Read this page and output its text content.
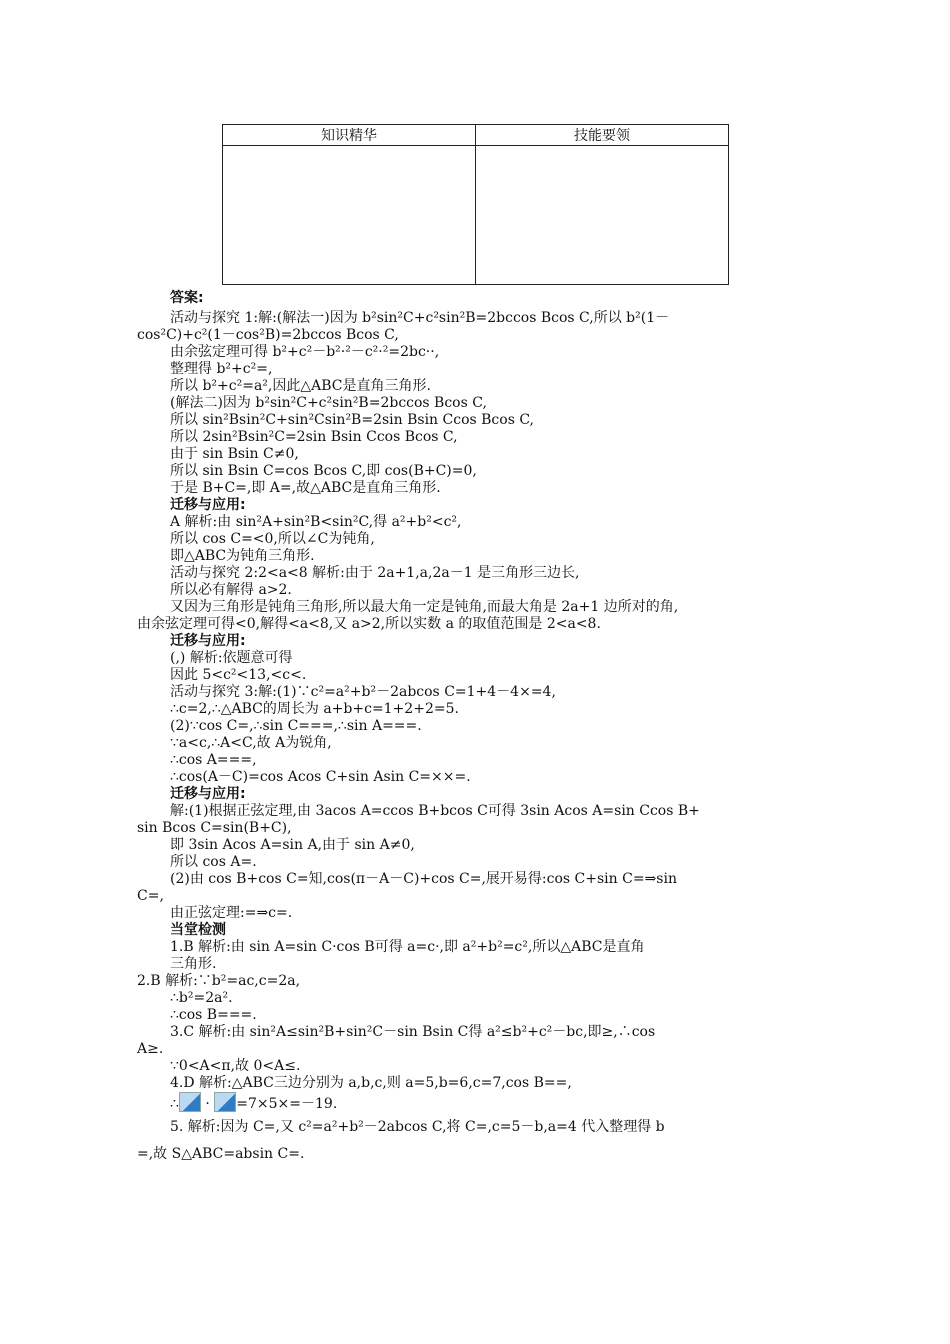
知识精华	技能要领

答案:
活动与探究 1:解:(解法一)因为 b²sin²C+c²sin²B=2bccos Bcos C,所以 b²(1－
cos²C)+c²(1－cos²B)=2bccos Bcos C,
由余弦定理可得 b²+c²－b²·²－c²·²=2bc··,
整理得 b²+c²=,
所以 b²+c²=a²,因此△ABC是直角三角形.
(解法二)因为 b²sin²C+c²sin²B=2bccos Bcos C,
所以 sin²Bsin²C+sin²Csin²B=2sin Bsin Ccos Bcos C,
所以 2sin²Bsin²C=2sin Bsin Ccos Bcos C,
由于 sin Bsin C≠0,
所以 sin Bsin C=cos Bcos C,即 cos(B+C)=0,
于是 B+C=,即 A=,故△ABC是直角三角形.
迁移与应用:
A 解析:由 sin²A+sin²B<sin²C,得 a²+b²<c²,
所以 cos C=<0,所以∠C为钝角,
即△ABC为钝角三角形.
活动与探究 2:2<a<8 解析:由于 2a+1,a,2a－1 是三角形三边长,
所以必有解得 a>2.
又因为三角形是钝角三角形,所以最大角一定是钝角,而最大角是 2a+1 边所对的角,
由余弦定理可得<0,解得<a<8,又 a>2,所以实数 a 的取值范围是 2<a<8.
迁移与应用:
(,) 解析:依题意可得
因此 5<c²<13,<c<.
活动与探究 3:解:(1)∵c²=a²+b²－2abcos C=1+4－4×=4,
∴c=2,∴△ABC的周长为 a+b+c=1+2+2=5.
(2)∵cos C=,∴sin C===,∴sin A===.
∵a<c,∴A<C,故 A为锐角,
∴cos A===,
∴cos(A－C)=cos Acos C+sin Asin C=××=.
迁移与应用:
解:(1)根据正弦定理,由 3acos A=ccos B+bcos C可得 3sin Acos A=sin Ccos B+
sin Bcos C=sin(B+C),
即 3sin Acos A=sin A,由于 sin A≠0,
所以 cos A=.
(2)由 cos B+cos C=知,cos(π－A－C)+cos C=,展开易得:cos C+sin C=⇒sin
C=,
由正弦定理:=⇒c=.
当堂检测
1.B 解析:由 sin A=sin C·cos B可得 a=c·,即 a²+b²=c²,所以△ABC是直角
三角形.
2.B 解析:∵b²=ac,c=2a,
∴b²=2a².
∴cos B===.
3.C 解析:由 sin²A≤sin²B+sin²C－sin Bsin C得 a²≤b²+c²－bc,即≥,∴cos
A≥.
∵0<A<π,故 0<A≤.
4.D 解析:△ABC三边分别为 a,b,c,则 a=5,b=6,c=7,cos B==,
∴ · =7×5×=－19.
5. 解析:因为 C=,又 c²=a²+b²－2abcos C,将 C=,c=5－b,a=4 代入整理得 b
=,故 S△ABC=absin C=.
